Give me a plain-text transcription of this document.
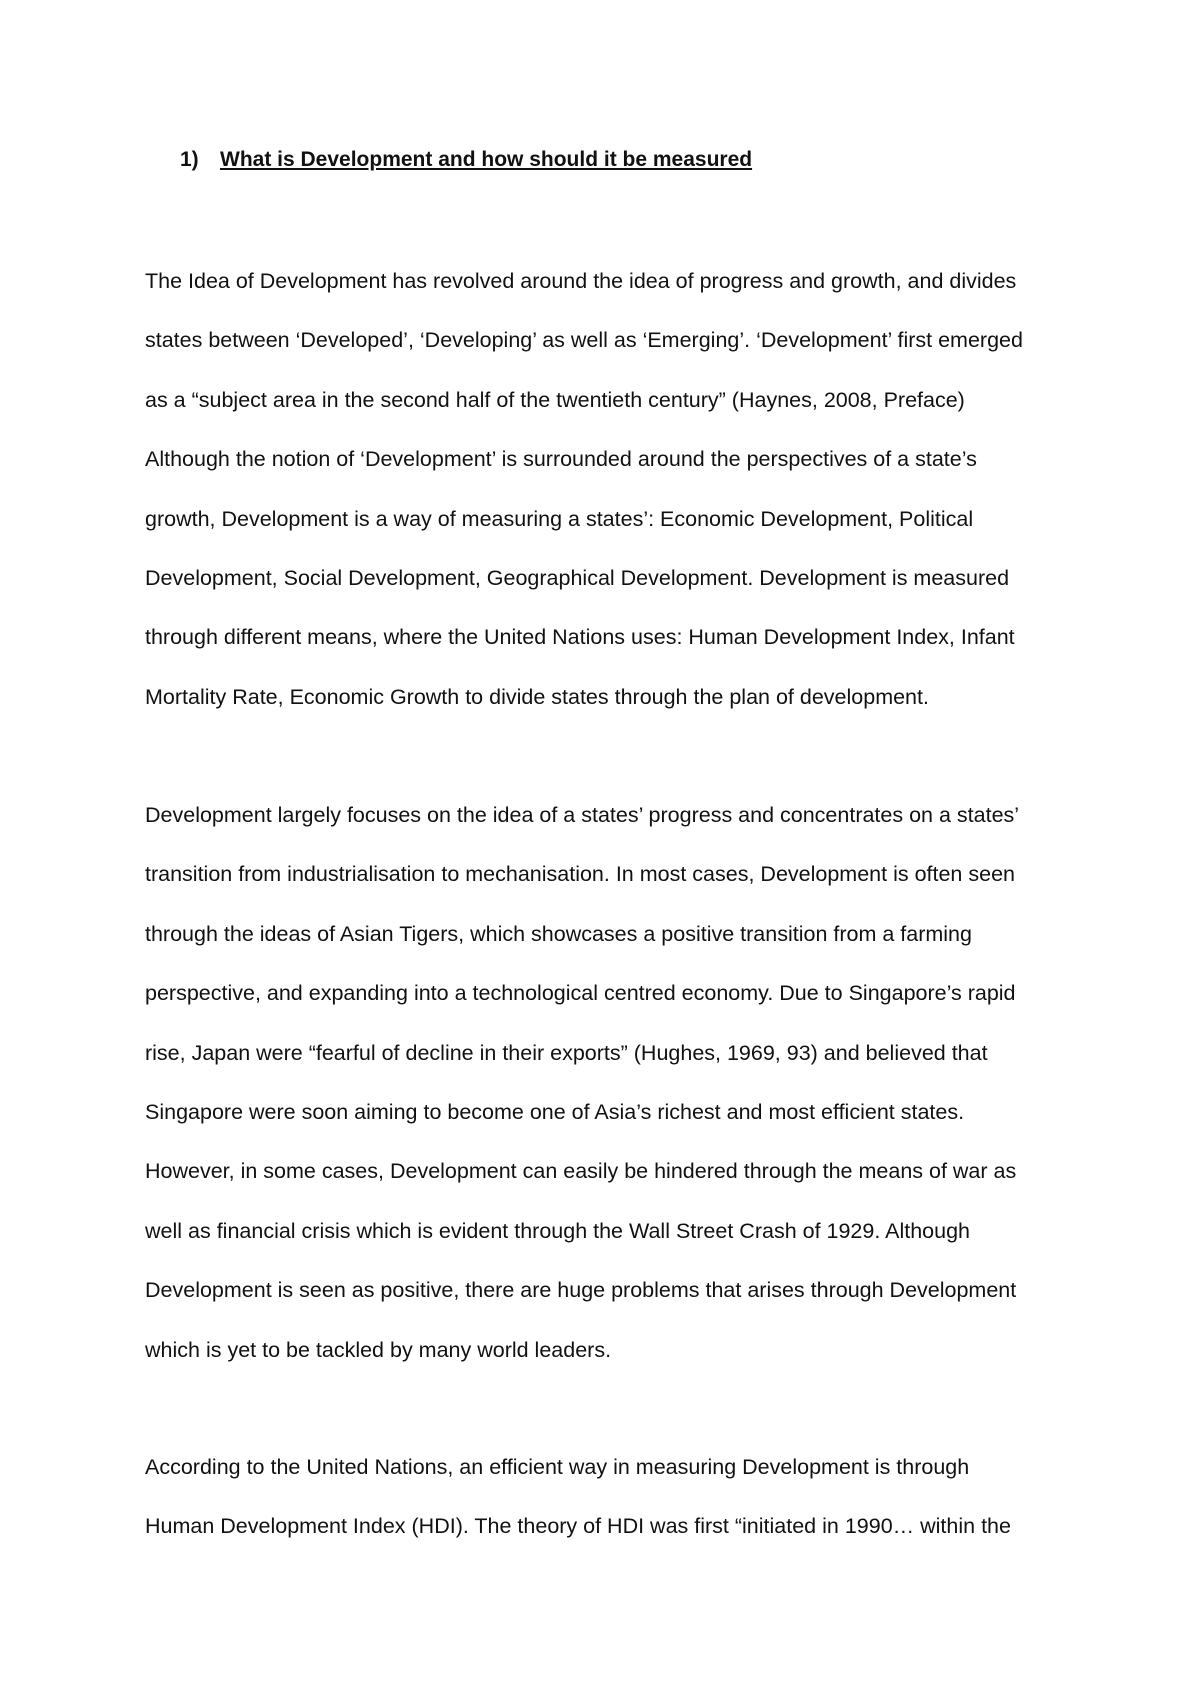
1) What is Development and how should it be measured
The Idea of Development has revolved around the idea of progress and growth, and divides
states between ‘Developed’, ‘Developing’ as well as ‘Emerging’. ‘Development’ first emerged
as a “subject area in the second half of the twentieth century” (Haynes, 2008, Preface)
Although the notion of ‘Development’ is surrounded around the perspectives of a state’s
growth, Development is a way of measuring a states’: Economic Development, Political
Development, Social Development, Geographical Development. Development is measured
through different means, where the United Nations uses: Human Development Index, Infant
Mortality Rate, Economic Growth to divide states through the plan of development.
Development largely focuses on the idea of a states’ progress and concentrates on a states’
transition from industrialisation to mechanisation. In most cases, Development is often seen
through the ideas of Asian Tigers, which showcases a positive transition from a farming
perspective, and expanding into a technological centred economy. Due to Singapore’s rapid
rise, Japan were “fearful of decline in their exports” (Hughes, 1969, 93) and believed that
Singapore were soon aiming to become one of Asia’s richest and most efficient states.
However, in some cases, Development can easily be hindered through the means of war as
well as financial crisis which is evident through the Wall Street Crash of 1929. Although
Development is seen as positive, there are huge problems that arises through Development
which is yet to be tackled by many world leaders.
According to the United Nations, an efficient way in measuring Development is through
Human Development Index (HDI). The theory of HDI was first “initiated in 1990… within the
